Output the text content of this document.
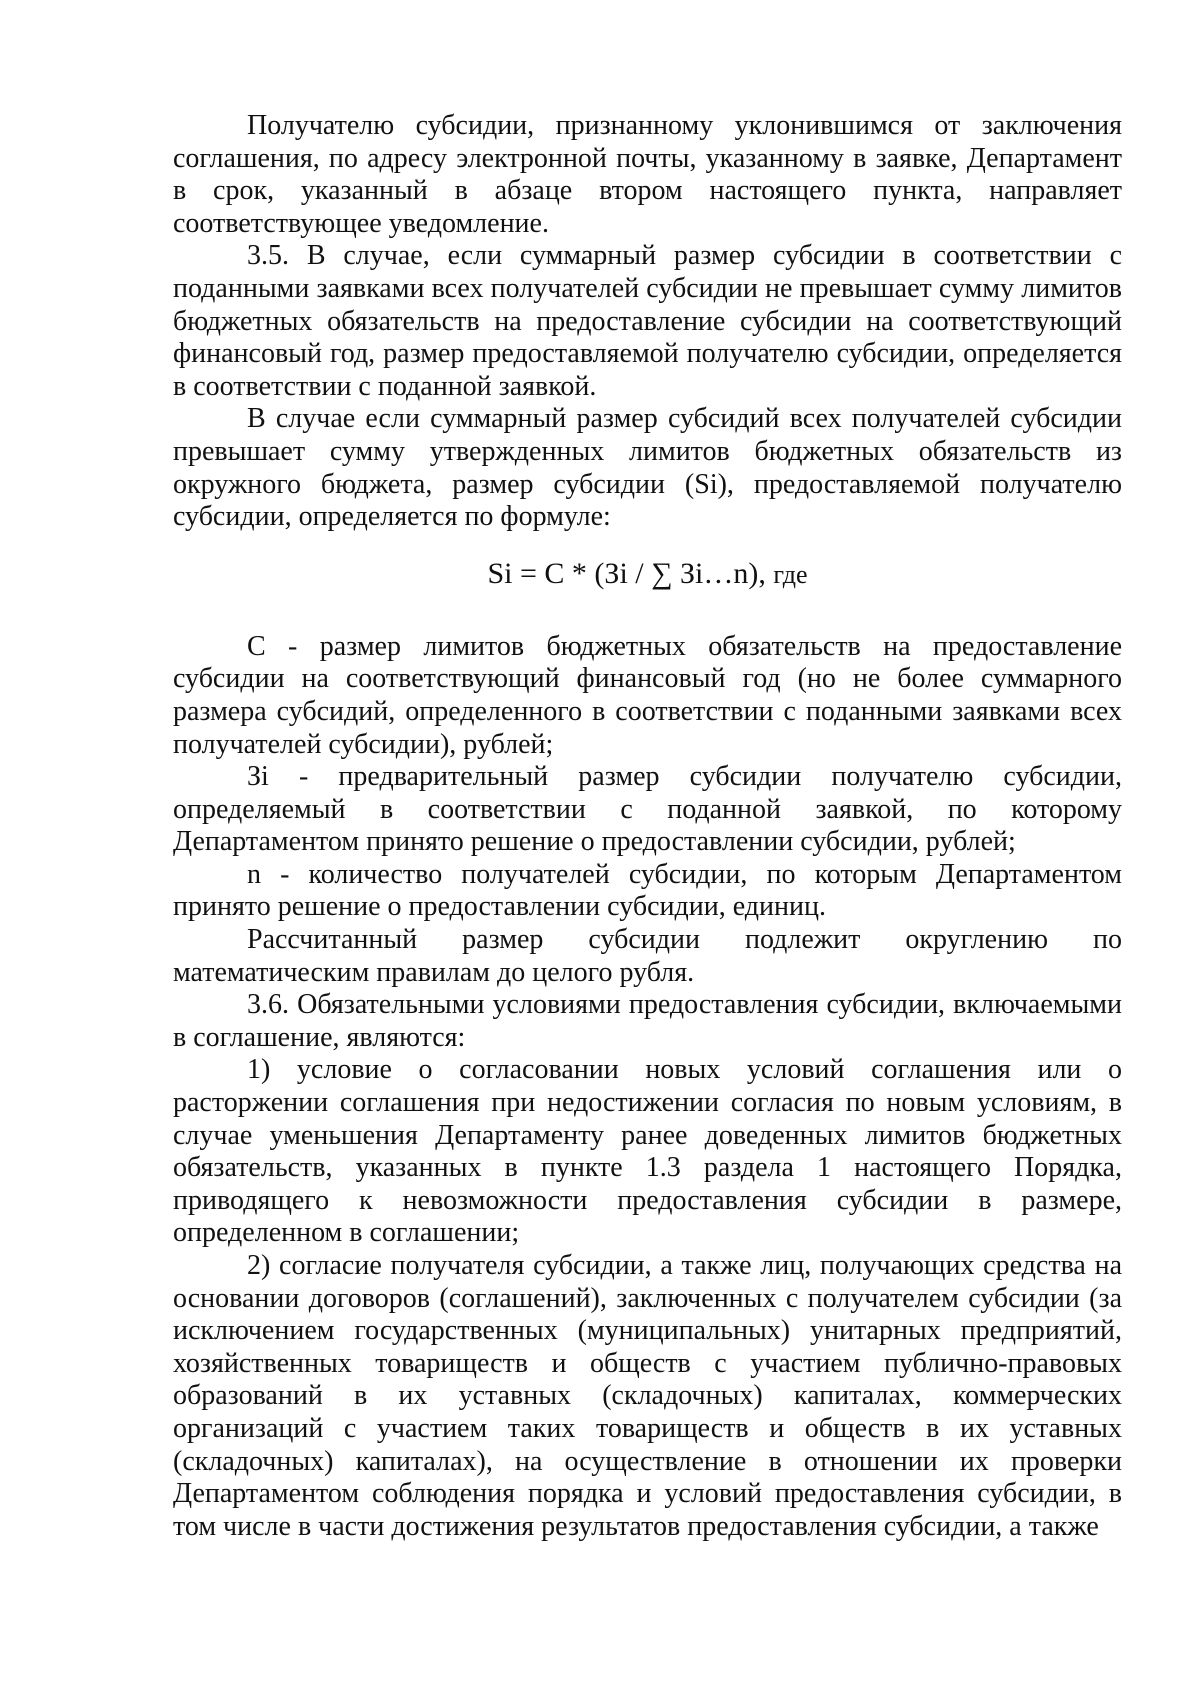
Получателю субсидии, признанному уклонившимся от заключения соглашения, по адресу электронной почты, указанному в заявке, Департамент в срок, указанный в абзаце втором настоящего пункта, направляет соответствующее уведомление.

3.5. В случае, если суммарный размер субсидии в соответствии с поданными заявками всех получателей субсидии не превышает сумму лимитов бюджетных обязательств на предоставление субсидии на соответствующий финансовый год, размер предоставляемой получателю субсидии, определяется в соответствии с поданной заявкой.

В случае если суммарный размер субсидий всех получателей субсидии превышает сумму утвержденных лимитов бюджетных обязательств из окружного бюджета, размер субсидии (Si), предоставляемой получателю субсидии, определяется по формуле:

Si = C * (Зi / ∑ Зi…n), где

C - размер лимитов бюджетных обязательств на предоставление субсидии на соответствующий финансовый год (но не более суммарного размера субсидий, определенного в соответствии с поданными заявками всех получателей субсидии), рублей;

Зi - предварительный размер субсидии получателю субсидии, определяемый в соответствии с поданной заявкой, по которому Департаментом принято решение о предоставлении субсидии, рублей;

n - количество получателей субсидии, по которым Департаментом принято решение о предоставлении субсидии, единиц.

Рассчитанный размер субсидии подлежит округлению по математическим правилам до целого рубля.

3.6. Обязательными условиями предоставления субсидии, включаемыми в соглашение, являются:

1) условие о согласовании новых условий соглашения или о расторжении соглашения при недостижении согласия по новым условиям, в случае уменьшения Департаменту ранее доведенных лимитов бюджетных обязательств, указанных в пункте 1.3 раздела 1 настоящего Порядка, приводящего к невозможности предоставления субсидии в размере, определенном в соглашении;

2) согласие получателя субсидии, а также лиц, получающих средства на основании договоров (соглашений), заключенных с получателем субсидии (за исключением государственных (муниципальных) унитарных предприятий, хозяйственных товариществ и обществ с участием публично-правовых образований в их уставных (складочных) капиталах, коммерческих организаций с участием таких товариществ и обществ в их уставных (складочных) капиталах), на осуществление в отношении их проверки Департаментом соблюдения порядка и условий предоставления субсидии, в том числе в части достижения результатов предоставления субсидии, а также
